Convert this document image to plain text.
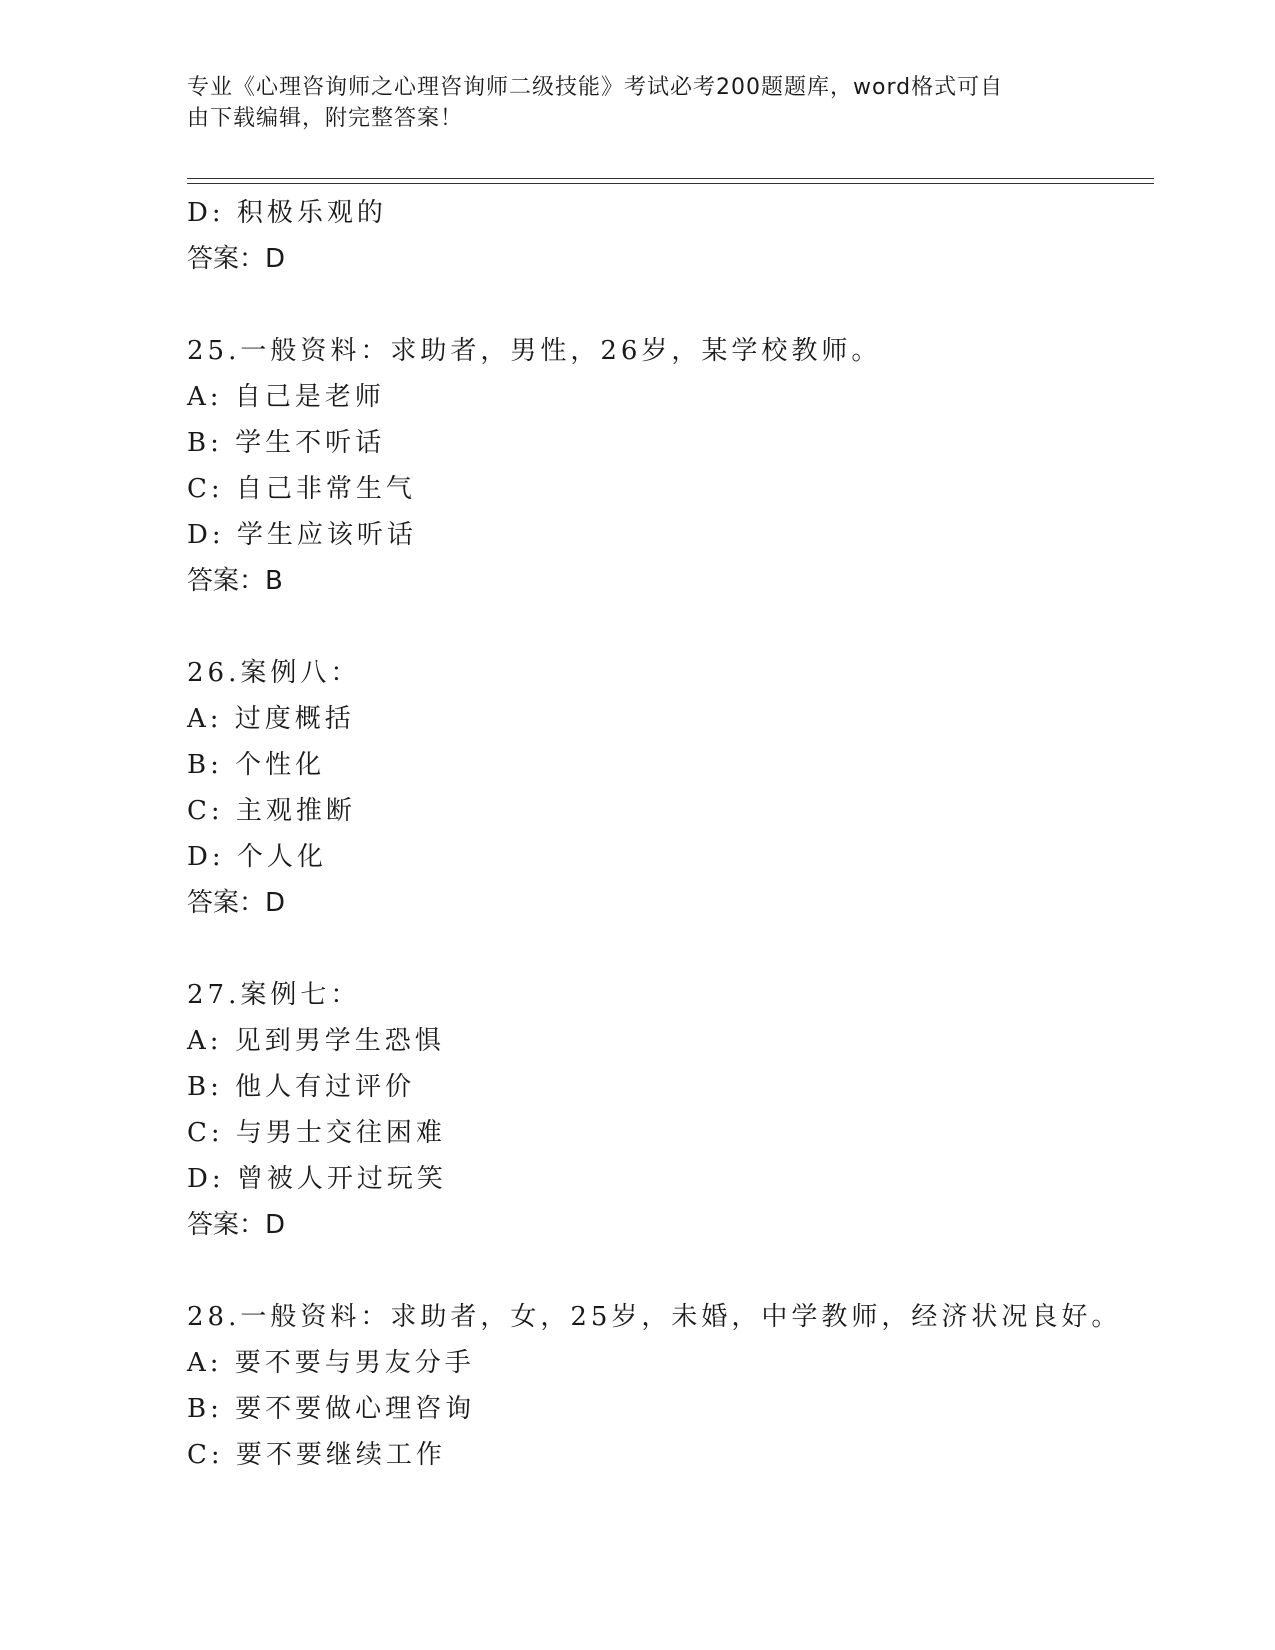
专业《心理咨询师之心理咨询师二级技能》考试必考200题题库，word格式可自
由下载编辑，附完整答案！
D: 积极乐观的
答案：D
25.一般资料：求助者，男性，26岁，某学校教师。
A: 自己是老师
B: 学生不听话
C: 自己非常生气
D: 学生应该听话
答案：B
26.案例八：
A: 过度概括
B: 个性化
C: 主观推断
D: 个人化
答案：D
27.案例七：
A: 见到男学生恐惧
B: 他人有过评价
C: 与男士交往困难
D: 曾被人开过玩笑
答案：D
28.一般资料：求助者，女，25岁，未婚，中学教师，经济状况良好。
A: 要不要与男友分手
B: 要不要做心理咨询
C: 要不要继续工作
